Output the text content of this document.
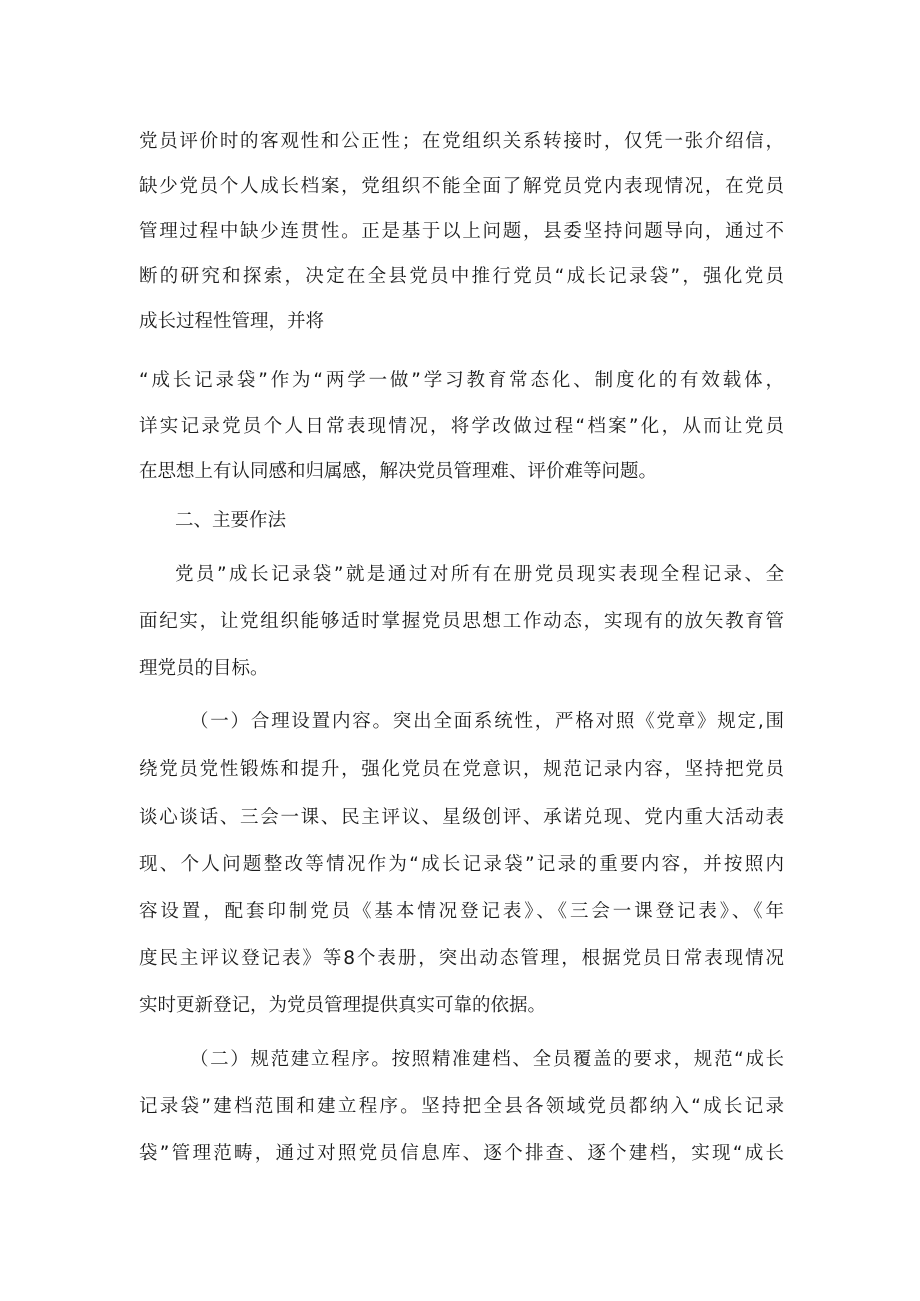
党员评价时的客观性和公正性；在党组织关系转接时，仅凭一张介绍信，
缺少党员个人成长档案，党组织不能全面了解党员党内表现情况，在党员
管理过程中缺少连贯性。正是基于以上问题，县委坚持问题导向，通过不
断的研究和探索，决定在全县党员中推行党员“成长记录袋”，强化党员
成长过程性管理，并将
“成长记录袋”作为“两学一做”学习教育常态化、制度化的有效载体，
详实记录党员个人日常表现情况，将学改做过程“档案”化，从而让党员
在思想上有认同感和归属感，解决党员管理难、评价难等问题。
二、主要作法
党员”成长记录袋”就是通过对所有在册党员现实表现全程记录、全
面纪实，让党组织能够适时掌握党员思想工作动态，实现有的放矢教育管
理党员的目标。
（一）合理设置内容。突出全面系统性，严格对照《党章》规定,围
绕党员党性锻炼和提升，强化党员在党意识，规范记录内容，坚持把党员
谈心谈话、三会一课、民主评议、星级创评、承诺兑现、党内重大活动表
现、个人问题整改等情况作为“成长记录袋”记录的重要内容，并按照内
容设置，配套印制党员《基本情况登记表》、《三会一课登记表》、《年
度民主评议登记表》等8个表册，突出动态管理，根据党员日常表现情况
实时更新登记，为党员管理提供真实可靠的依据。
（二）规范建立程序。按照精准建档、全员覆盖的要求，规范“成长
记录袋”建档范围和建立程序。坚持把全县各领域党员都纳入“成长记录
袋”管理范畴，通过对照党员信息库、逐个排查、逐个建档，实现“成长
